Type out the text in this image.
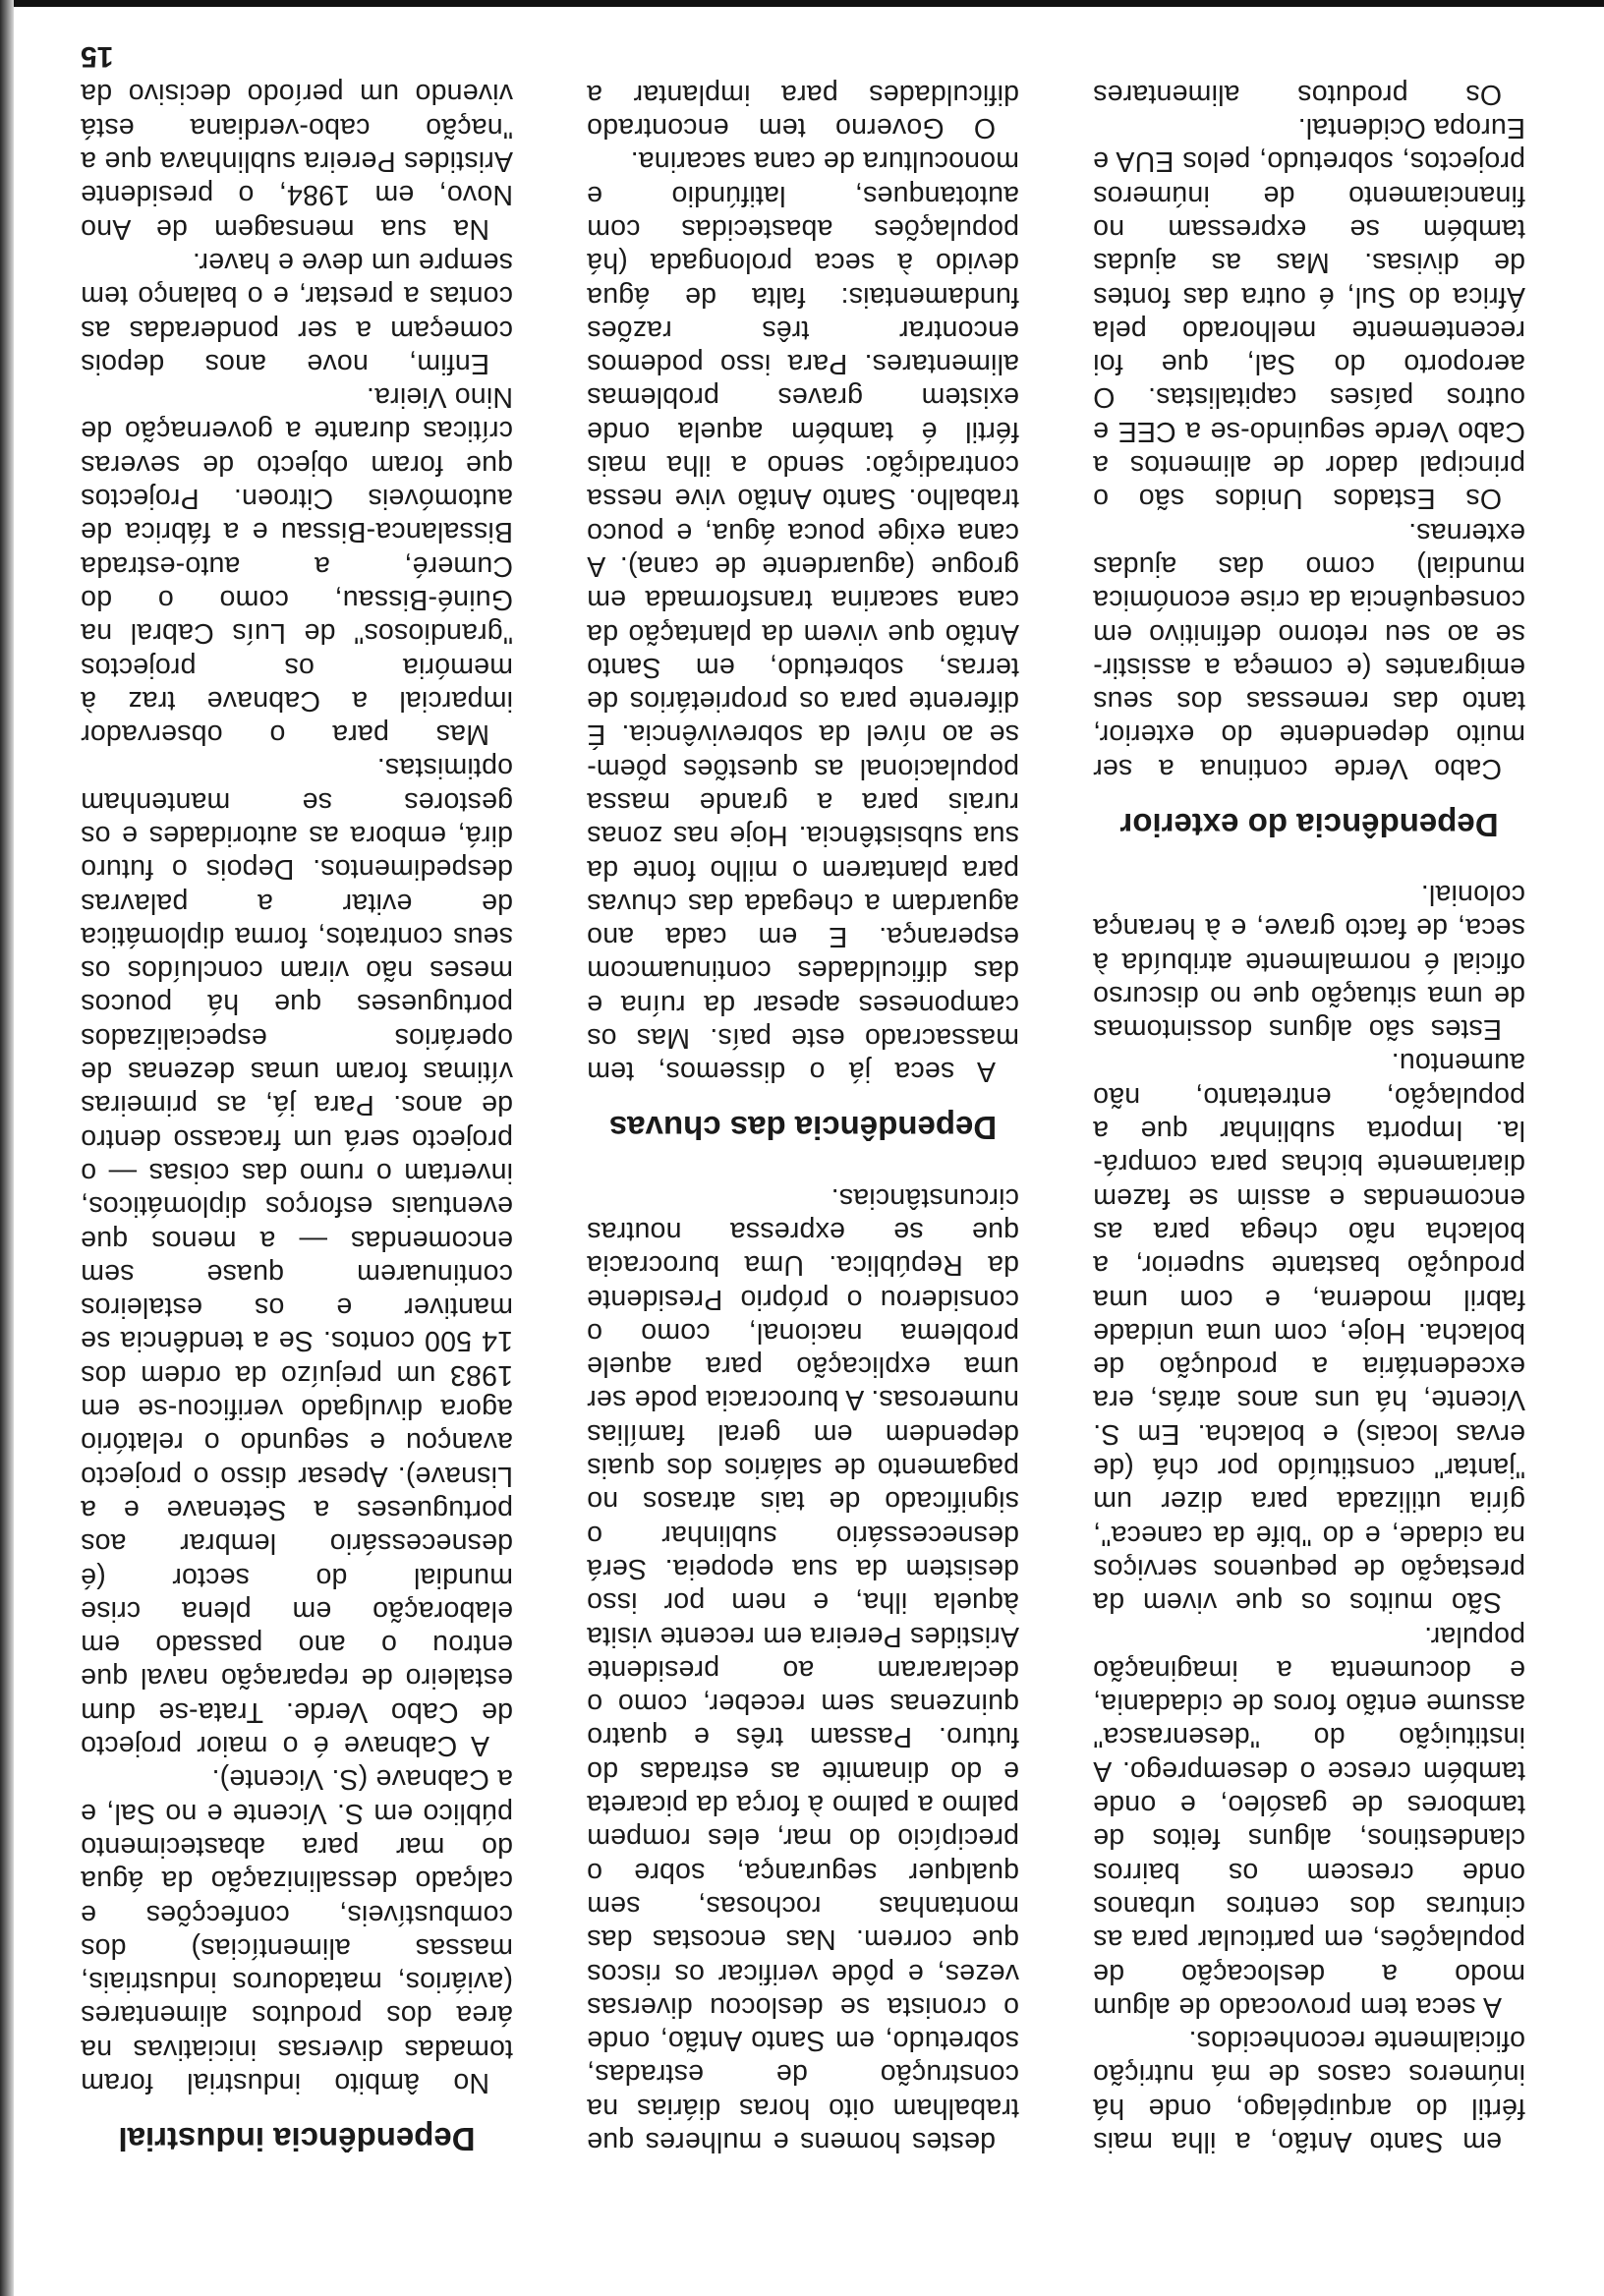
em Santo Antão, a ilha mais fértil do arquipélago, onde há inúmeros casos de má nutrição oficialmente reconhecidos.

A seca tem provocado de algum modo a deslocação de populações, em particular para as cinturas dos centros urbanos onde crescem os bairros clandestinos, alguns feitos de tambores de gasóleo, e onde também cresce o desemprego. A instituição do "desenrasca" assume então foros de cidadania, e documenta a imaginação popular.

São muitos os que vivem da prestação de pequenos serviços na cidade, e do "bife da caneca", gíria utilizada para dizer um "jantar" constituído por chá (de ervas locais) e bolacha. Em S. Vicente, há uns anos atrás, era excedentária a produção de bolacha. Hoje, com uma unidade fabril moderna, e com uma produção bastante superior, a bolacha não chega para as encomendas e assim se fazem diariamente bichas para comprá-la. Importa sublinhar que a população, entretanto, não aumentou.

Estes são alguns dossintomas de uma situação que no discurso oficial é normalmente atribuída à seca, de facto grave, e à herança colonial.

Dependência do exterior

Cabo Verde continua a ser muito dependente do exterior, tanto das remessas dos seus emigrantes (e começa a assistir-se ao seu retorno definitivo em consequência da crise económica mundial) como das ajudas externas.

Os Estados Unidos são o principal dador de alimentos a Cabo Verde seguindo-se a CEE e outros países capitalistas. O aeroporto do Sal, que foi recentemente melhorado pela África do Sul, é outra das fontes de divisas. Mas as ajudas também se expressam no financiamento de inúmeros projectos, sobretudo, pelos EUA e Europa Ocidental.

Os produtos alimentares

destes homens e mulheres que trabalham oito horas diárias na construção de estradas, sobretudo, em Santo Antão, onde o cronista se deslocou diversas vezes, e pôde verificar os riscos que correm. Nas encostas das montanhas rochosas, sem qualquer segurança, sobre o precipício do mar, eles rompem palmo a palmo à força da picareta e do dinamite as estradas do futuro. Passam três e quatro quinzenas sem receber, como o declararam ao presidente Aristides Pereira em recente visita àquela ilha, e nem por isso desistem da sua epopeia. Será desnecessário sublinhar o significado de tais atrasos no pagamento de salários dos quais dependem em geral famílias numerosas. A burocracia pode ser uma explicação para aquele problema nacional, como o considerou o próprio Presidente da República. Uma burocracia que se expressa noutras circunstâncias.

Dependência das chuvas

A seca já o dissemos, tem massacrado este país. Mas os camponeses apesar da ruína e das dificuldades continuamcom esperança. E em cada ano aguardam a chegada das chuvas para plantarem o milho fonte da sua subsistência. Hoje nas zonas rurais para a grande massa populacional as questões põem-se ao nível da sobrevivência. É diferente para os proprietários de terras, sobretudo, em Santo Antão que vivem da plantação da cana sacarina transformada em grogue (aguardente de cana). A cana exige pouca água, e pouco trabalho. Santo Antão vive nessa contradição: sendo a ilha mais fértil é também aquela onde existem graves problemas alimentares. Para isso podemos encontrar três razões fundamentais: falta de água devido à seca prolongada (há populações abastecidas com autotanques, latifúndio e monocultura de cana sacarina.

O Governo tem encontrado dificuldades para implantar a

Dependência industrial

No âmbito industrial foram tomadas diversas iniciativas na área dos produtos alimentares (aviários, matadouros industriais, massas alimentícias) dos combustíveis, confecções e calçado dessalinização da água do mar para abastecimento público em S. Vicente e no Sal, e a Cabnave (S. Vicente).

A Cabnave é o maior projecto de Cabo Verde. Trata-se dum estaleiro de reparação naval que entrou o ano passado em elaboração em plena crise mundial do sector (é desnecessário lembrar aos portugueses a Setenave e a Lisnave). Apesar disso o projecto avançou e segundo o relatório agora divulgado verificou-se em 1983 um prejuízo da ordem dos 14 500 contos. Se a tendência se mantiver e os estaleiros continuarem quase sem encomendas — a menos que eventuais esforços diplomáticos, invertam o rumo das coisas — o projecto será um fracasso dentro de anos. Para já, as primeiras vítimas foram umas dezenas de operários especializados portugueses que há poucos meses não viram concluídos os seus contratos, forma diplomática de evitar a palavras despedimentos. Depois o futuro dirá, embora as autoridades e os gestores se mantenham optimistas.

Mas para o observador imparcial a Cabnave traz à memória os projectos "grandiosos" de Luís Cabral na Guiné-Bissau, como o do Cumeré, a auto-estrada Bissalanca-Bissau e a fábrica de automóveis Citroen. Projectos que foram objecto de severas críticas durante a governação de Nino Vieira.

Enfim, nove anos depois começam a ser ponderadas as contas a prestar, e o balanço tem sempre um deve e haver.

Na sua mensagem de Ano Novo, em 1984, o presidente Aristides Pereira sublinhava que a "nação cabo-verdiana está vivendo um período decisivo da

15
